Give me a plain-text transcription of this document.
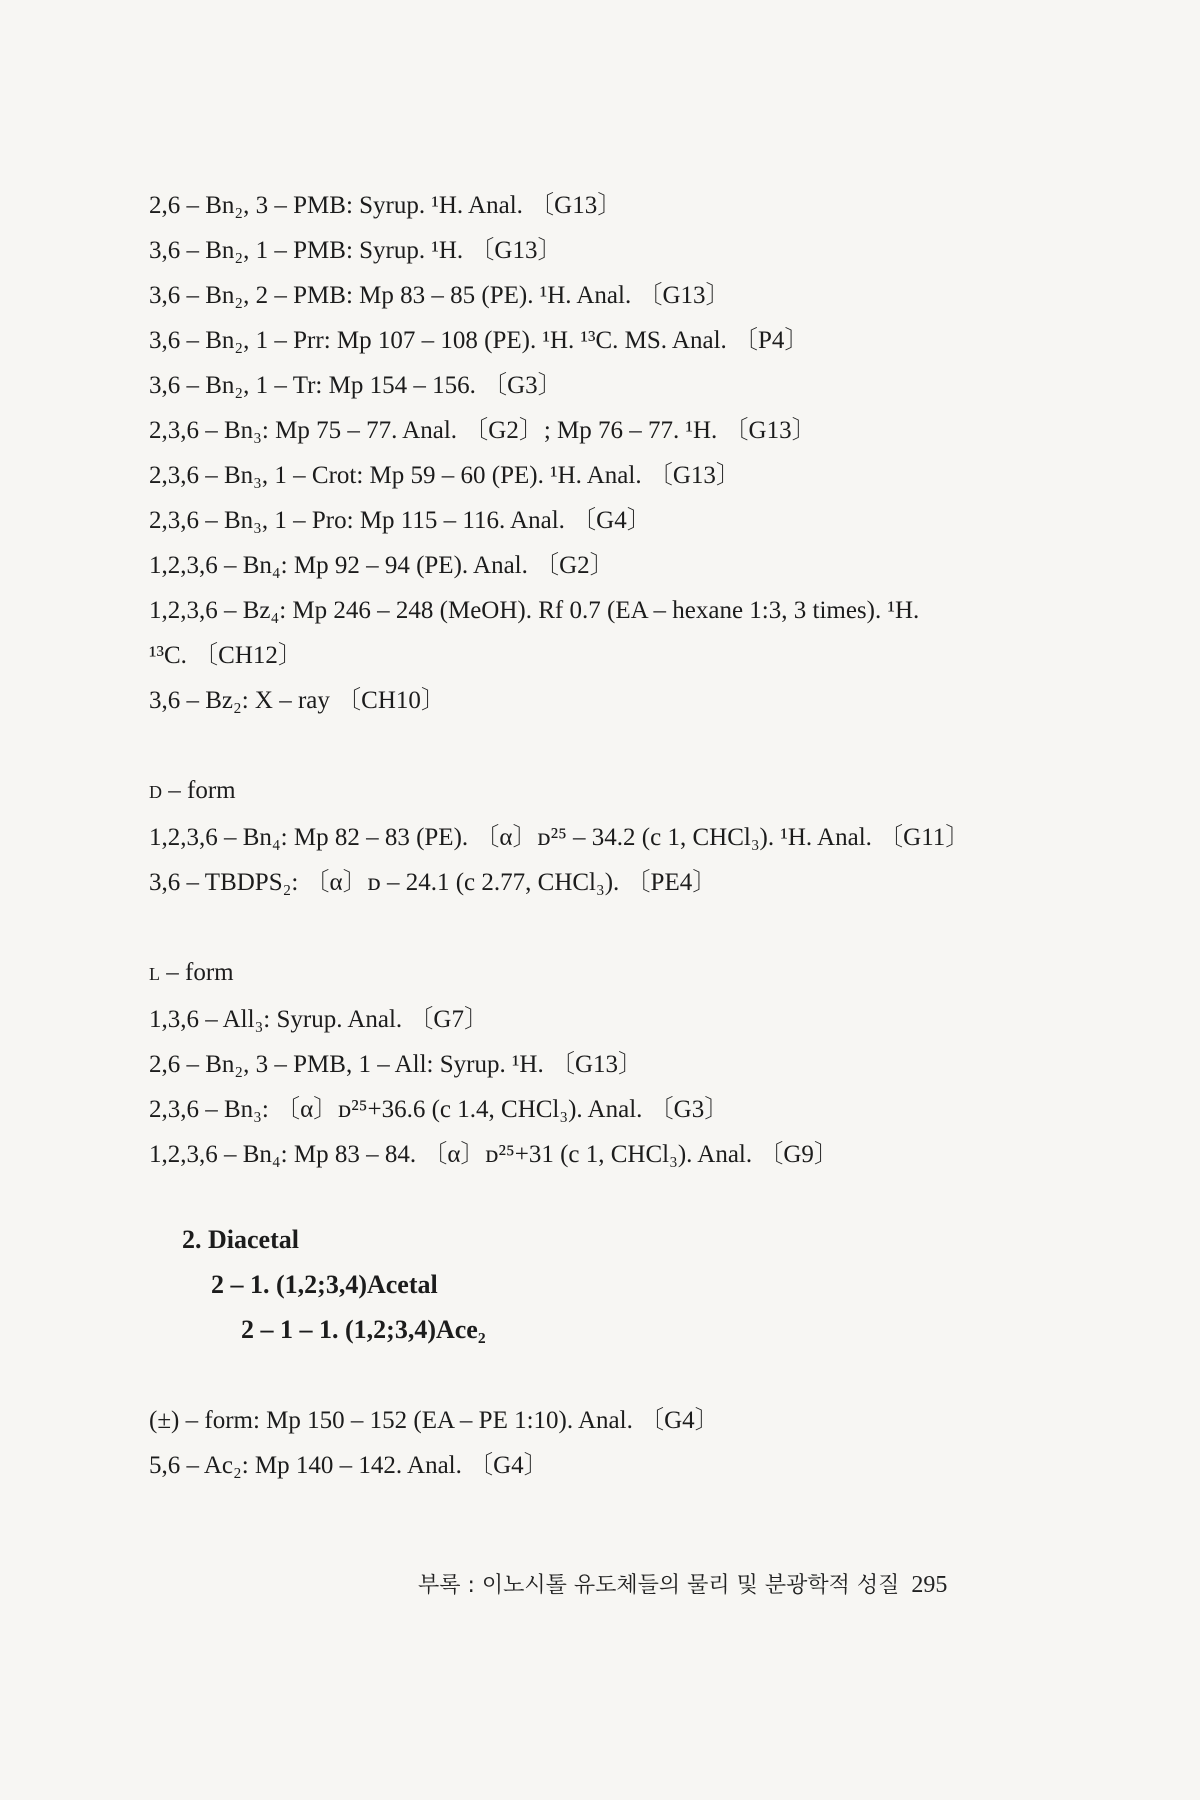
2,6 – Bn₂, 3 – PMB: Syrup. ¹H. Anal. 〔G13〕

3,6 – Bn₂, 1 – PMB: Syrup. ¹H. 〔G13〕

3,6 – Bn₂, 2 – PMB: Mp 83 – 85 (PE). ¹H. Anal. 〔G13〕

3,6 – Bn₂, 1 – Prr: Mp 107 – 108 (PE). ¹H. ¹³C. MS. Anal. 〔P4〕

3,6 – Bn₂, 1 – Tr: Mp 154 – 156. 〔G3〕

2,3,6 – Bn₃: Mp 75 – 77. Anal. 〔G2〕; Mp 76 – 77. ¹H. 〔G13〕

2,3,6 – Bn₃, 1 – Crot: Mp 59 – 60 (PE). ¹H. Anal. 〔G13〕

2,3,6 – Bn₃, 1 – Pro: Mp 115 – 116. Anal. 〔G4〕

1,2,3,6 – Bn₄: Mp 92 – 94 (PE). Anal. 〔G2〕

1,2,3,6 – Bz₄: Mp 246 – 248 (MeOH). Rf 0.7 (EA – hexane 1:3, 3 times). ¹H.

¹³C. 〔CH12〕

3,6 – Bz₂: X – ray 〔CH10〕

D – form

1,2,3,6 – Bn₄: Mp 82 – 83 (PE). 〔α〕ᴅ²⁵ – 34.2 (c 1, CHCl₃). ¹H. Anal. 〔G11〕

3,6 – TBDPS₂: 〔α〕ᴅ – 24.1 (c 2.77, CHCl₃). 〔PE4〕

L – form

1,3,6 – All₃: Syrup. Anal. 〔G7〕

2,6 – Bn₂, 3 – PMB, 1 – All: Syrup. ¹H. 〔G13〕

2,3,6 – Bn₃: 〔α〕ᴅ²⁵+36.6 (c 1.4, CHCl₃). Anal. 〔G3〕

1,2,3,6 – Bn₄: Mp 83 – 84. 〔α〕ᴅ²⁵+31 (c 1, CHCl₃). Anal. 〔G9〕

2. Diacetal
2 – 1. (1,2;3,4)Acetal
2 – 1 – 1. (1,2;3,4)Ace₂

(±) – form: Mp 150 – 152 (EA – PE 1:10). Anal. 〔G4〕

5,6 – Ac₂: Mp 140 – 142. Anal. 〔G4〕

부록 : 이노시톨 유도체들의 물리 및 분광학적 성질 295
